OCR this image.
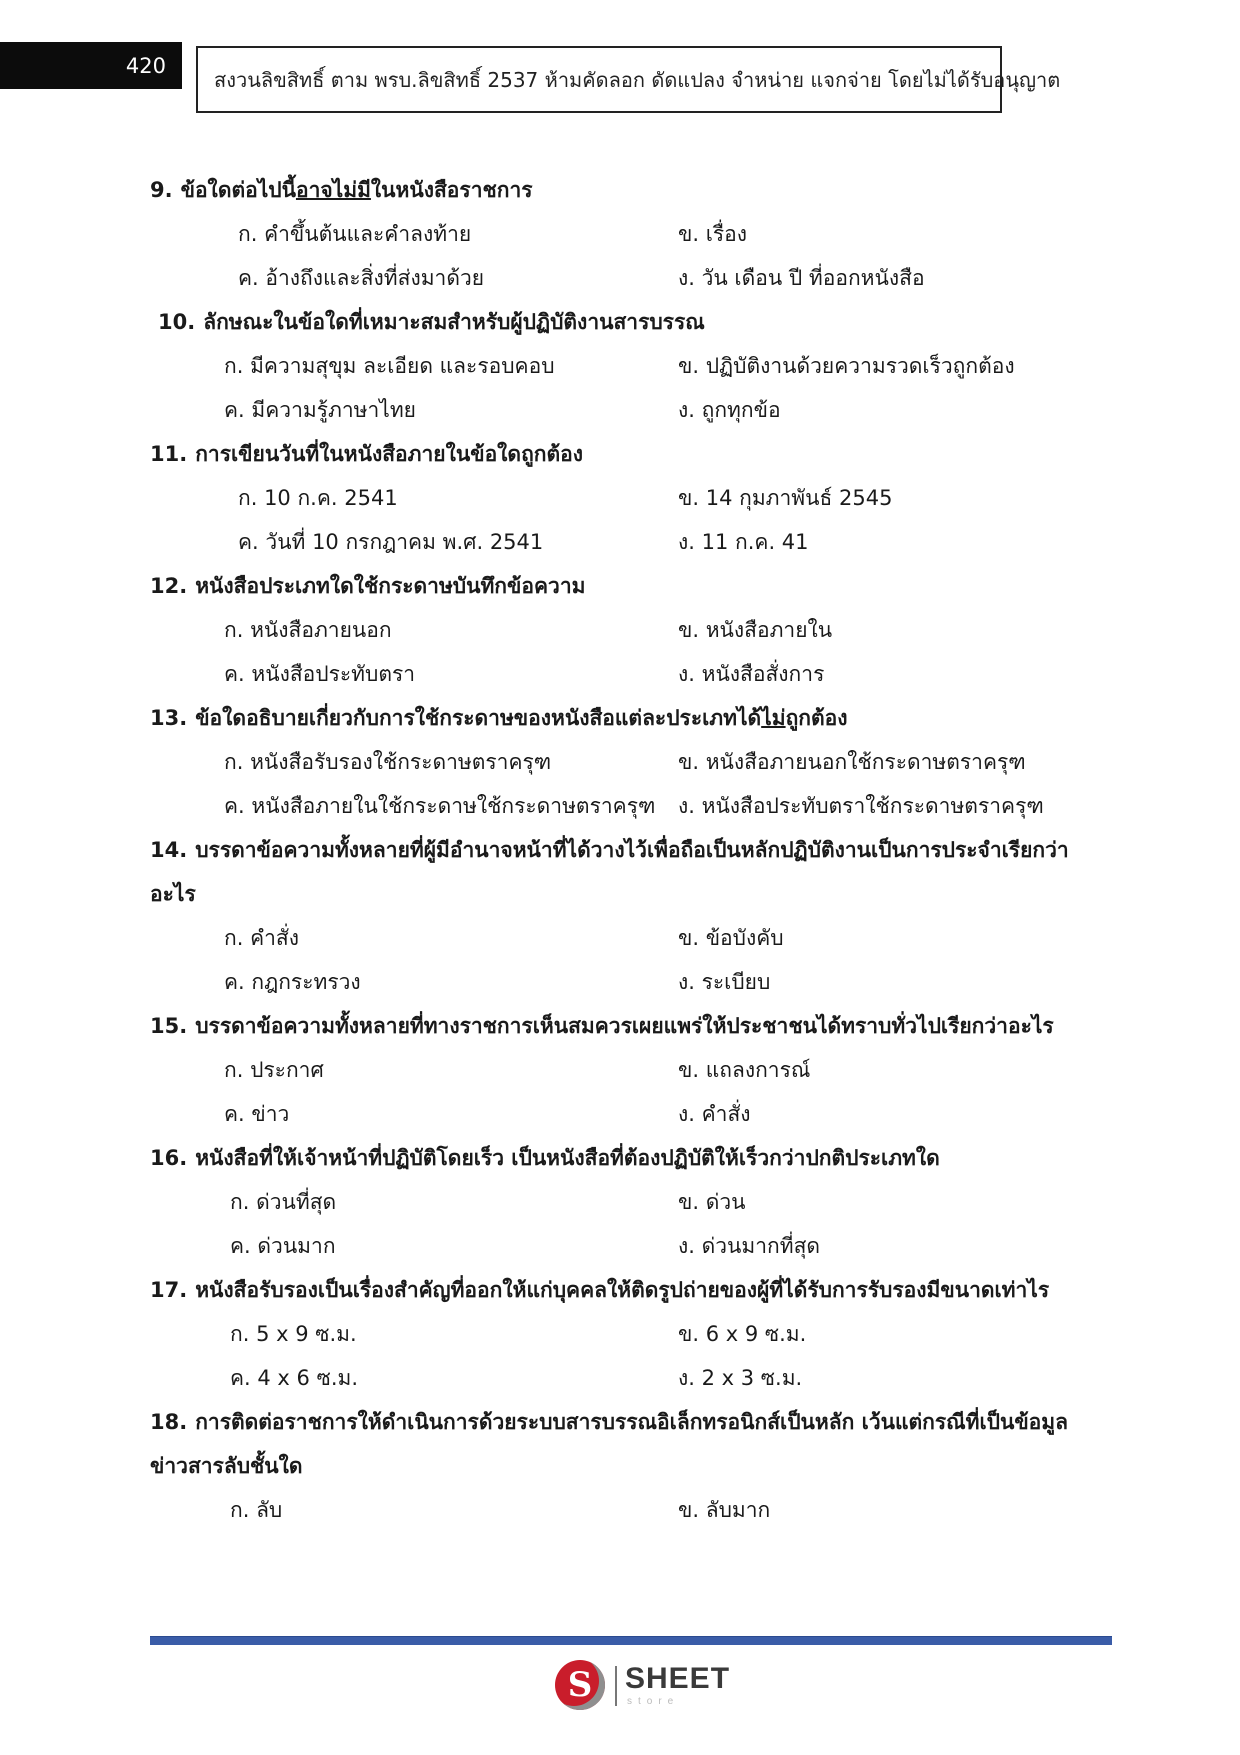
420
สงวนลิขสิทธิ์ ตาม พรบ.ลิขสิทธิ์ 2537 ห้ามคัดลอก ดัดแปลง จำหน่าย แจกจ่าย โดยไม่ได้รับอนุญาต
9. ข้อใดต่อไปนี้อาจไม่มีในหนังสือราชการ
ก. คำขึ้นต้นและคำลงท้าย	ข. เรื่อง
ค. อ้างถึงและสิ่งที่ส่งมาด้วย	ง. วัน เดือน ปี ที่ออกหนังสือ
10. ลักษณะในข้อใดที่เหมาะสมสำหรับผู้ปฏิบัติงานสารบรรณ
ก. มีความสุขุม ละเอียด และรอบคอบ	ข. ปฏิบัติงานด้วยความรวดเร็วถูกต้อง
ค. มีความรู้ภาษาไทย	ง. ถูกทุกข้อ
11. การเขียนวันที่ในหนังสือภายในข้อใดถูกต้อง
ก. 10 ก.ค. 2541	ข. 14 กุมภาพันธ์ 2545
ค. วันที่ 10 กรกฎาคม พ.ศ. 2541	ง. 11 ก.ค. 41
12. หนังสือประเภทใดใช้กระดาษบันทึกข้อความ
ก. หนังสือภายนอก	ข. หนังสือภายใน
ค. หนังสือประทับตรา	ง. หนังสือสั่งการ
13. ข้อใดอธิบายเกี่ยวกับการใช้กระดาษของหนังสือแต่ละประเภทได้ไม่ถูกต้อง
ก. หนังสือรับรองใช้กระดาษตราครุฑ	ข. หนังสือภายนอกใช้กระดาษตราครุฑ
ค. หนังสือภายในใช้กระดาษใช้กระดาษตราครุฑ ง. หนังสือประทับตราใช้กระดาษตราครุฑ
14. บรรดาข้อความทั้งหลายที่ผู้มีอำนาจหน้าที่ได้วางไว้เพื่อถือเป็นหลักปฏิบัติงานเป็นการประจำเรียกว่าอะไร
ก. คำสั่ง	ข. ข้อบังคับ
ค. กฎกระทรวง	ง. ระเบียบ
15. บรรดาข้อความทั้งหลายที่ทางราชการเห็นสมควรเผยแพร่ให้ประชาชนได้ทราบทั่วไปเรียกว่าอะไร
ก. ประกาศ	ข. แถลงการณ์
ค. ข่าว	ง. คำสั่ง
16. หนังสือที่ให้เจ้าหน้าที่ปฏิบัติโดยเร็ว เป็นหนังสือที่ต้องปฏิบัติให้เร็วกว่าปกติประเภทใด
ก. ด่วนที่สุด	ข. ด่วน
ค. ด่วนมาก	ง. ด่วนมากที่สุด
17. หนังสือรับรองเป็นเรื่องสำคัญที่ออกให้แก่บุคคลให้ติดรูปถ่ายของผู้ที่ได้รับการรับรองมีขนาดเท่าไร
ก. 5 x 9 ซ.ม.	ข. 6 x 9 ซ.ม.
ค. 4 x 6 ซ.ม.	ง. 2 x 3 ซ.ม.
18. การติดต่อราชการให้ดำเนินการด้วยระบบสารบรรณอิเล็กทรอนิกส์เป็นหลัก เว้นแต่กรณีที่เป็นข้อมูลข่าวสารลับชั้นใด
ก. ลับ	ข. ลับมาก
S	SHEET
store
